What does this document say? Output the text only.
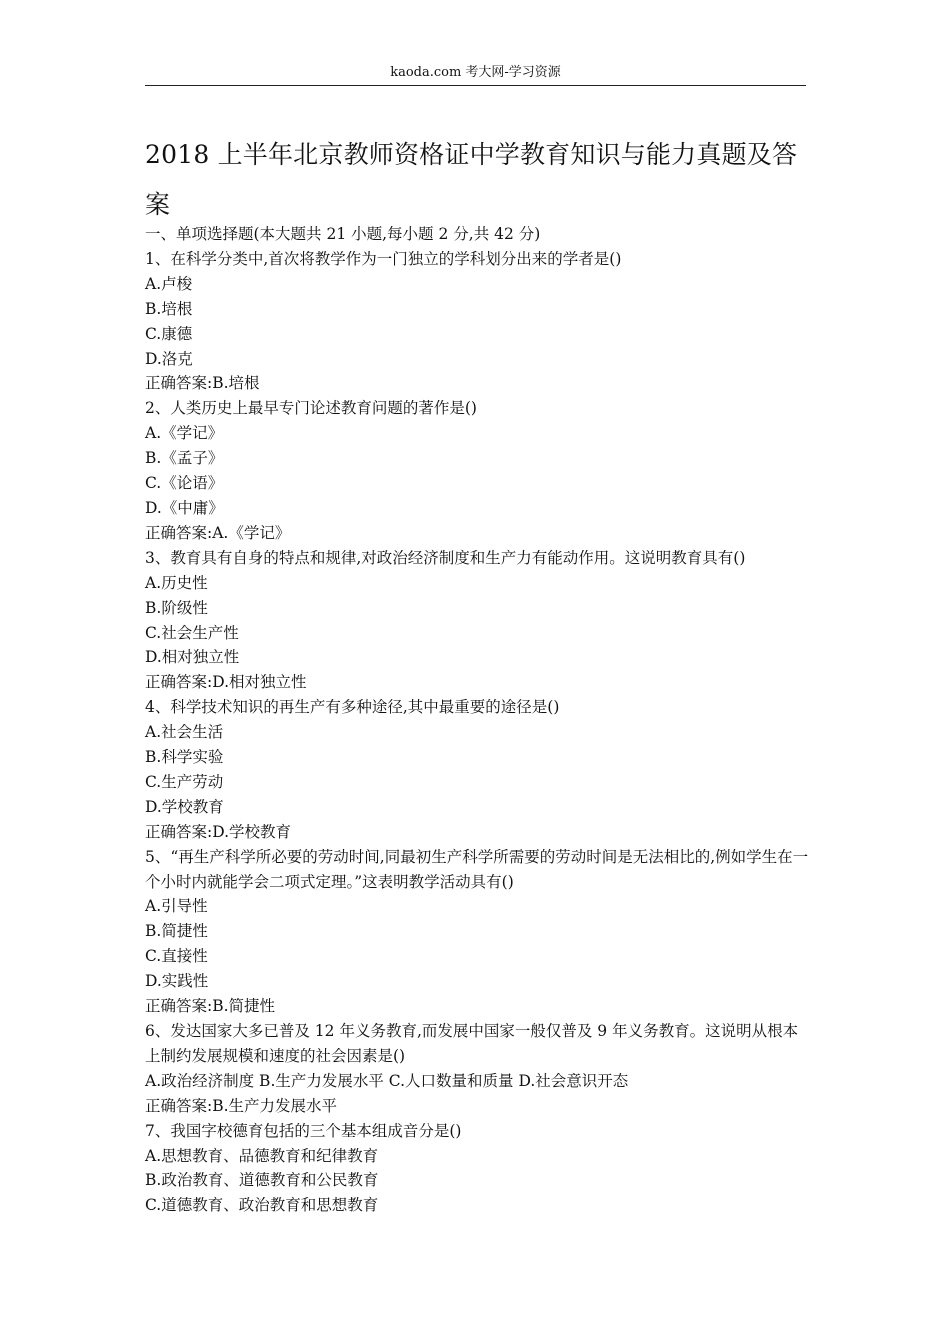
kaoda.com 考大网-学习资源
2018 上半年北京教师资格证中学教育知识与能力真题及答案
一、单项选择题(本大题共 21 小题,每小题 2 分,共 42 分)
1、在科学分类中,首次将教学作为一门独立的学科划分出来的学者是()
A.卢梭
B.培根
C.康德
D.洛克
正确答案:B.培根
2、人类历史上最早专门论述教育问题的著作是()
A.《学记》
B.《孟子》
C.《论语》
D.《中庸》
正确答案:A.《学记》
3、教育具有自身的特点和规律,对政治经济制度和生产力有能动作用。这说明教育具有()
A.历史性
B.阶级性
C.社会生产性
D.相对独立性
正确答案:D.相对独立性
4、科学技术知识的再生产有多种途径,其中最重要的途径是()
A.社会生活
B.科学实验
C.生产劳动
D.学校教育
正确答案:D.学校教育
5、“再生产科学所必要的劳动时间,同最初生产科学所需要的劳动时间是无法相比的,例如学生在一个小时内就能学会二项式定理。”这表明教学活动具有()
A.引导性
B.简捷性
C.直接性
D.实践性
正确答案:B.简捷性
6、发达国家大多已普及 12 年义务教育,而发展中国家一般仅普及 9 年义务教育。这说明从根本上制约发展规模和速度的社会因素是()
A.政治经济制度 B.生产力发展水平 C.人口数量和质量 D.社会意识开态
正确答案:B.生产力发展水平
7、我国字校德育包括的三个基本组成音分是()
A.思想教育、品德教育和纪律教育
B.政治教育、道德教育和公民教育
C.道德教育、政治教育和思想教育
